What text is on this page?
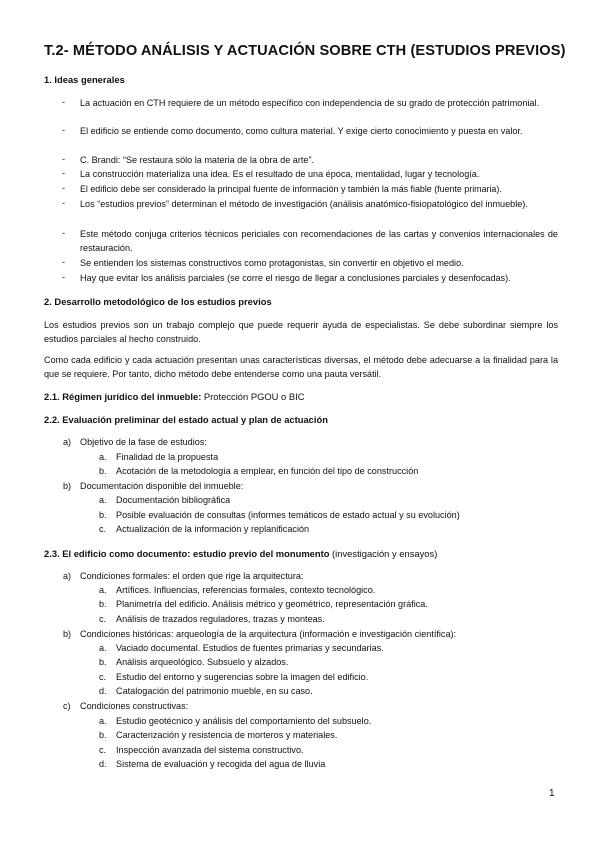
T.2- MÉTODO ANÁLISIS Y ACTUACIÓN SOBRE CTH (ESTUDIOS PREVIOS)
1. Ideas generales
- La actuación en CTH requiere de un método específico con independencia de su grado de protección patrimonial.
- El edificio se entiende como documento, como cultura material. Y exige cierto conocimiento y puesta en valor.
- C. Brandi: “Se restaura sólo la materia de la obra de arte”.
- La construcción materializa una idea. Es el resultado de una época, mentalidad, lugar y tecnología.
- El edificio debe ser considerado la principal fuente de información y también la más fiable (fuente primaria).
- Los “estudios previos” determinan el método de investigación (análisis anatómico-fisiopatológico del inmueble).
- Este método conjuga criterios técnicos periciales con recomendaciones de las cartas y convenios internacionales de restauración.
- Se entienden los sistemas constructivos como protagonistas, sin convertir en objetivo el medio.
- Hay que evitar los análisis parciales (se corre el riesgo de llegar a conclusiones parciales y desenfocadas).
2. Desarrollo metodológico de los estudios previos
Los estudios previos son un trabajo complejo que puede requerir ayuda de especialistas. Se debe subordinar siempre los estudios parciales al hecho construido.
Como cada edificio y cada actuación presentan unas características diversas, el método debe adecuarse a la finalidad para la que se requiere. Por tanto, dicho método debe entenderse como una pauta versátil.
2.1. Régimen jurídico del inmueble: Protección PGOU o BIC
2.2. Evaluación preliminar del estado actual y plan de actuación
a) Objetivo de la fase de estudios:
a. Finalidad de la propuesta
b. Acotación de la metodología a emplear, en función del tipo de construcción
b) Documentación disponible del inmueble:
a. Documentación bibliográfica
b. Posible evaluación de consultas (informes temáticos de estado actual y su evolución)
c. Actualización de la información y replanificación
2.3. El edificio como documento: estudio previo del monumento (investigación y ensayos)
a) Condiciones formales: el orden que rige la arquitectura:
a. Artífices. Influencias, referencias formales, contexto tecnológico.
b. Planimetría del edificio. Análisis métrico y geométrico, representación gráfica.
c. Análisis de trazados reguladores, trazas y monteas.
b) Condiciones históricas: arqueología de la arquitectura (información e investigación científica):
a. Vaciado documental. Estudios de fuentes primarias y secundarias.
b. Análisis arqueológico. Subsuelo y alzados.
c. Estudio del entorno y sugerencias sobre la imagen del edificio.
d. Catalogación del patrimonio mueble, en su caso.
c) Condiciones constructivas:
a. Estudio geotécnico y análisis del comportamiento del subsuelo.
b. Caracterización y resistencia de morteros y materiales.
c. Inspección avanzada del sistema constructivo.
d. Sistema de evaluación y recogida del agua de lluvia
1
